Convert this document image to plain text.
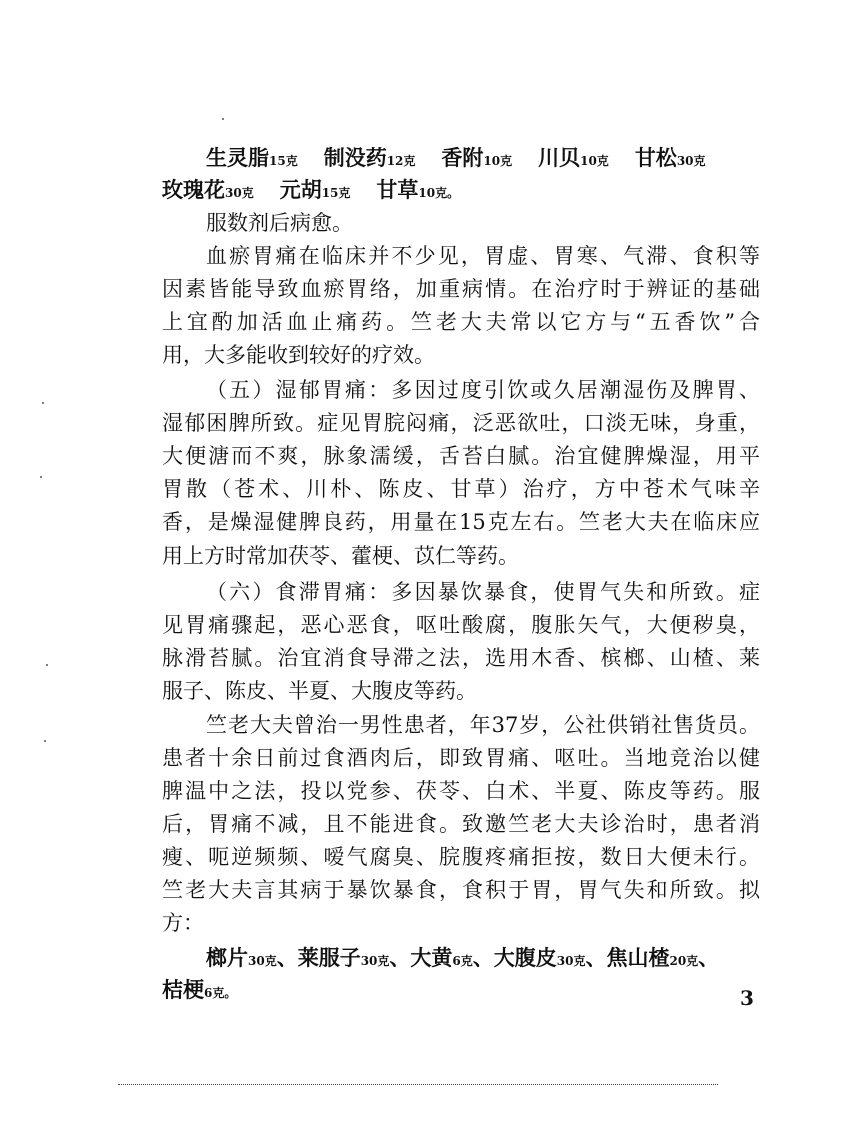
生灵脂15克 制没药12克 香附10克 川贝10克 甘松30克
玫瑰花30克 元胡15克 甘草10克。
服数剂后病愈。
血瘀胃痛在临床并不少见，胃虚、胃寒、气滞、食积等
因素皆能导致血瘀胃络，加重病情。在治疗时于辨证的基础
上宜酌加活血止痛药。竺老大夫常以它方与“五香饮”合
用，大多能收到较好的疗效。
（五）湿郁胃痛：多因过度引饮或久居潮湿伤及脾胃、
湿郁困脾所致。症见胃脘闷痛，泛恶欲吐，口淡无味，身重，
大便溏而不爽，脉象濡缓，舌苔白腻。治宜健脾燥湿，用平
胃散（苍术、川朴、陈皮、甘草）治疗，方中苍术气味辛
香，是燥湿健脾良药，用量在15克左右。竺老大夫在临床应
用上方时常加茯苓、藿梗、苡仁等药。
（六）食滞胃痛：多因暴饮暴食，使胃气失和所致。症
见胃痛骤起，恶心恶食，呕吐酸腐，腹胀矢气，大便秽臭，
脉滑苔腻。治宜消食导滞之法，选用木香、槟榔、山楂、莱
服子、陈皮、半夏、大腹皮等药。
竺老大夫曾治一男性患者，年37岁，公社供销社售货员。
患者十余日前过食酒肉后，即致胃痛、呕吐。当地竞治以健
脾温中之法，投以党参、茯苓、白术、半夏、陈皮等药。服
后，胃痛不减，且不能进食。致邀竺老大夫诊治时，患者消
瘦、呃逆频频、嗳气腐臭、脘腹疼痛拒按，数日大便未行。
竺老大夫言其病于暴饮暴食，食积于胃，胃气失和所致。拟
方：
榔片30克、莱服子30克、大黄6克、大腹皮30克、焦山楂20克、
桔梗6克。	3
